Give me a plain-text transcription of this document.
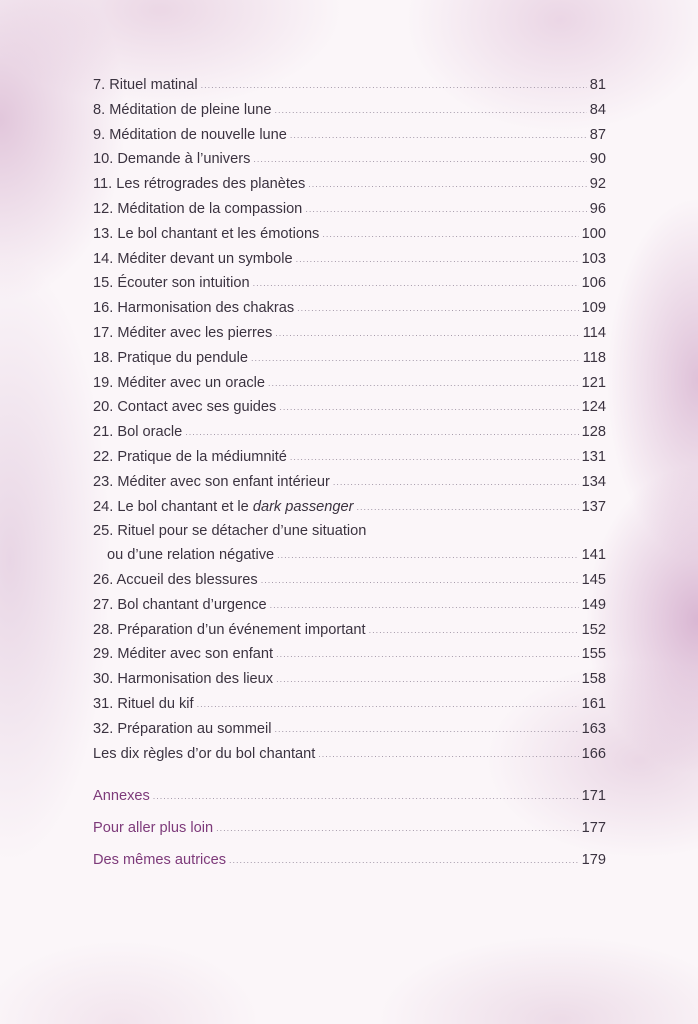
7. Rituel matinal .....	81
8. Méditation de pleine lune .....	84
9. Méditation de nouvelle lune .....	87
10. Demande à l’univers .....	90
11. Les rétrogrades des planètes .....	92
12. Méditation de la compassion .....	96
13. Le bol chantant et les émotions .....	100
14. Méditer devant un symbole .....	103
15. Écouter son intuition .....	106
16. Harmonisation des chakras .....	109
17. Méditer avec les pierres .....	114
18. Pratique du pendule .....	118
19. Méditer avec un oracle .....	121
20. Contact avec ses guides .....	124
21. Bol oracle .....	128
22. Pratique de la médiumnité .....	131
23. Méditer avec son enfant intérieur .....	134
24. Le bol chantant et le dark passenger .....	137
25. Rituel pour se détacher d’une situation
ou d’une relation négative .....	141
26. Accueil des blessures .....	145
27. Bol chantant d’urgence .....	149
28. Préparation d’un événement important .....	152
29. Méditer avec son enfant .....	155
30. Harmonisation des lieux .....	158
31. Rituel du kif .....	161
32. Préparation au sommeil .....	163
Les dix règles d’or du bol chantant .....	166
Annexes .....	171
Pour aller plus loin .....	177
Des mêmes autrices .....	179
